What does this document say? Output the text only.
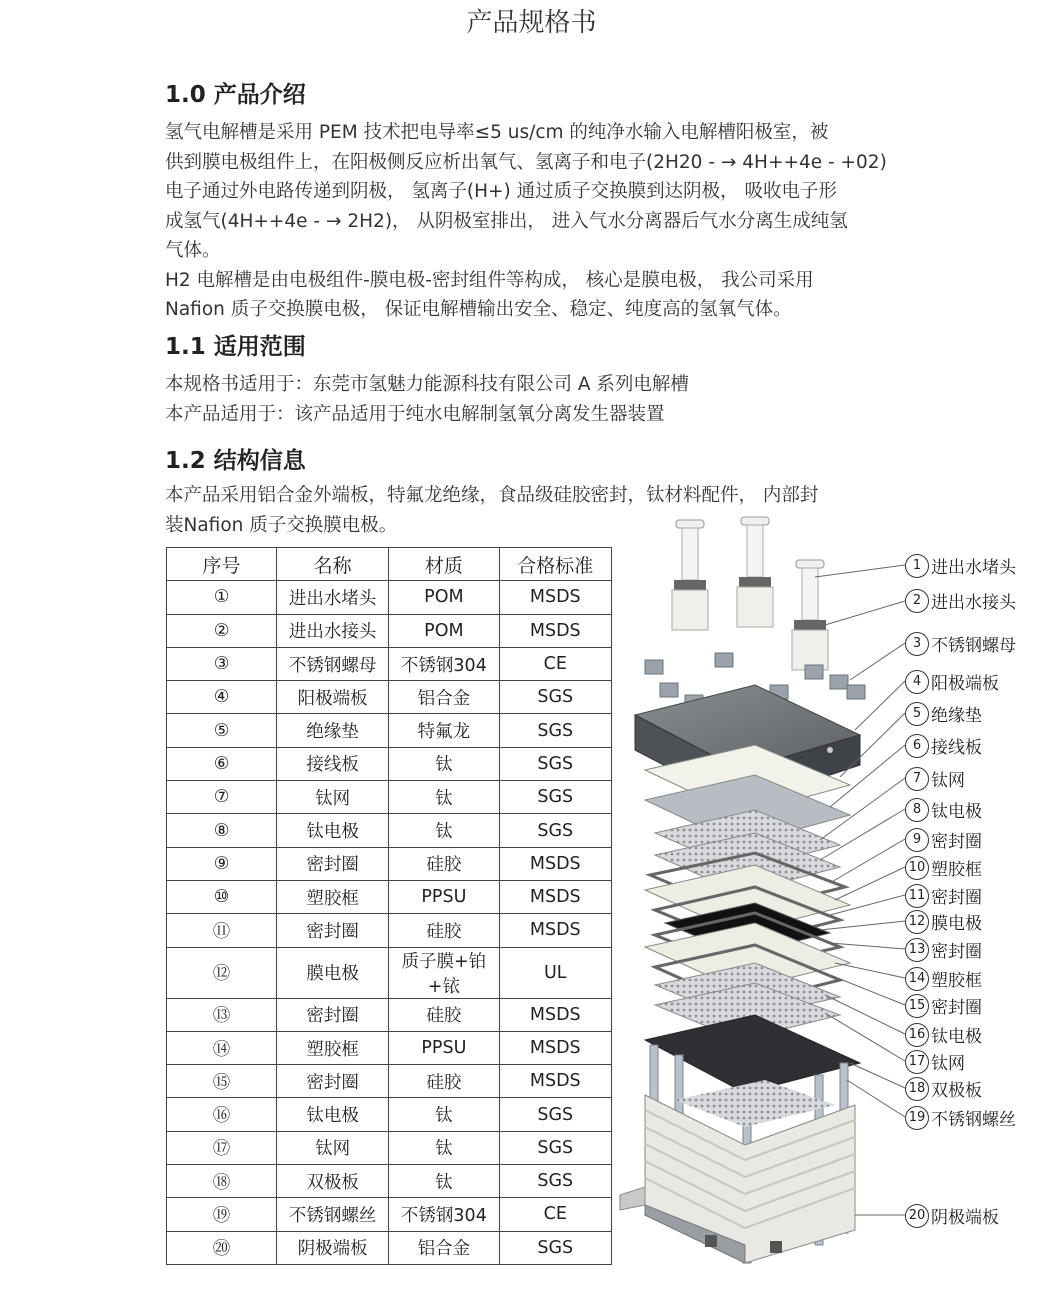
产品规格书
1.0 产品介绍
氢气电解槽是采用 PEM 技术把电导率≤5 us/cm 的纯净水输入电解槽阳极室，被
供到膜电极组件上，在阳极侧反应析出氧气、氢离子和电子(2H20 - → 4H++4e - +02)
电子通过外电路传递到阴极， 氢离子(H+) 通过质子交换膜到达阴极， 吸收电子形
成氢气(4H++4e - → 2H2)， 从阴极室排出， 进入气水分离器后气水分离生成纯氢
气体。
H2 电解槽是由电极组件-膜电极-密封组件等构成， 核心是膜电极， 我公司采用
Nafion 质子交换膜电极， 保证电解槽输出安全、稳定、纯度高的氢氧气体。
1.1 适用范围
本规格书适用于：东莞市氢魅力能源科技有限公司 A 系列电解槽
本产品适用于：该产品适用于纯水电解制氢氧分离发生器装置
1.2 结构信息
本产品采用铝合金外端板，特氟龙绝缘，食品级硅胶密封，钛材料配件， 内部封
装Nafion 质子交换膜电极。
序号	名称	材质	合格标准
①	进出水堵头	POM	MSDS
②	进出水接头	POM	MSDS
③	不锈钢螺母	不锈钢304	CE
④	阳极端板	铝合金	SGS
⑤	绝缘垫	特氟龙	SGS
⑥	接线板	钛	SGS
⑦	钛网	钛	SGS
⑧	钛电极	钛	SGS
⑨	密封圈	硅胶	MSDS
⑩	塑胶框	PPSU	MSDS
⑪	密封圈	硅胶	MSDS
⑫	膜电极	质子膜+铂+铱	UL
⑬	密封圈	硅胶	MSDS
⑭	塑胶框	PPSU	MSDS
⑮	密封圈	硅胶	MSDS
⑯	钛电极	钛	SGS
⑰	钛网	钛	SGS
⑱	双极板	钛	SGS
⑲	不锈钢螺丝	不锈钢304	CE
⑳	阴极端板	铝合金	SGS
1 进出水堵头
2 进出水接头
3 不锈钢螺母
4 阳极端板
5 绝缘垫
6 接线板
7 钛网
8 钛电极
9 密封圈
10 塑胶框
11 密封圈
12 膜电极
13 密封圈
14 塑胶框
15 密封圈
16 钛电极
17 钛网
18 双极板
19 不锈钢螺丝
20 阴极端板
